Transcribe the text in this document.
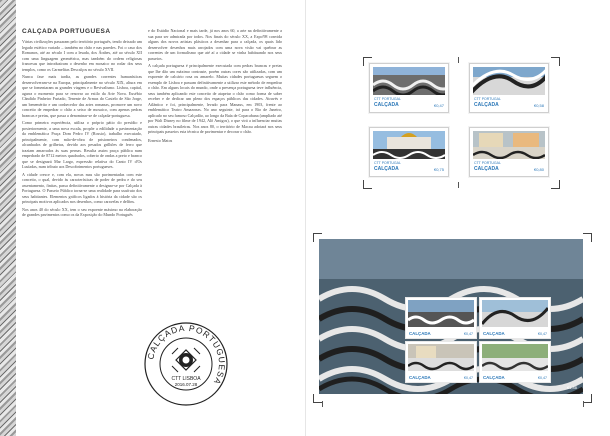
CALÇADA PORTUGUESA

Várias civilizações passaram pelo território português, tendo deixado um legado estético variado – também no chão e nas paredes. Foi o caso dos Romanos, até ao século I com a lesada, dos Árabes, até ao século XII com uma linguagem geométrica, mas também do ordem religiosas francesas que introduziram o desenho em mosaico no rodar dos seus templos, como os Carmelitas Descalços no século XVII.

Nunca fase mais tardia, as grandes correntes humanísticas desenvolveram-se na Europa, principalmente no século XIX, altura em que se fomentaram as grandes viagens e o Revivalismo. Lisboa, capital, agarra o momento para se renovar ao estilo da Arte Nova. Eusébio Cândido Pinheiro Furtado, Tenente de Armas do Castelo de São Jorge, um benemérito e um conhecedor das artes romanas, promove um novo conceito de empedrar o chão a seixo de mosaico, com apenas pedras brancas e pretas, que passa a denominar-se de calçada-portuguesa.

Como primeira experiência, utiliza o próprio pátio do presídio e posteriormente, a uma nova escala, propõe a edilidade a pavimentação da emblemática Praça Dom Pedro IV (Rossio), trabalho executado, principalmente, com mão-de-obra de prisioneiros condenados, alcunhados de grilhetas, devido aos pesados grilhões de ferro que traziam amarrados às suas pernas. Resulta assim praça pública num empedrado de 8712 metros quadrados, coberto de ondas a preto e branco que se designará Mar Largo, expressão relativa do Canto IV d'Os Lusíadas, num tributo aos Descobrimentos portugueses.

A cidade cresce e, com ela, novas mas são pavimentadas com este conceito, o qual, devido às características de poder de pedra e do seu assentamento, finitas, passa definitivamente a designar-se por Calçada à Portuguesa. O Passeio Público torna-se uma realidade para usufruto dos seus habitantes. Elementos gráficos ligados à história da cidade são os principais motivos aplicados nos desenhos, como caravelas e delfins.

Nos anos 40 do século XX, tem o seu expoente máximo na elaboração de grandes pavimentos como os da Exposição do Mundo Português

e do Estádio Nacional e mais tarde, já nos anos 60, a arte na definitivamente a sua para ser admirada por todos. Nos finais do século XX, a Expo'98 convida alguns dos novos artistas plásticos a desenhar para a calçada, os quais lido desenvolver desenhos mais arrojados com uma nova visão vai quebrar as correntes de um formalismo que até aí a cidade se vinha habituando nos seus passeios.

A calçada portuguesa é principalmente executada com pedras brancas e pretas que lhe dão um máximo contraste, porém outras cores são utilizadas, com um expoente de calcário rosa ou amarelo. Muitas cidades portuguesas seguem o exemplo de Lisboa e passam definitivamente a utilizar este método de empedrar o chão. Em alguns locais do mundo, onde a presença portuguesa teve influência, seus também aplicando este conceito de atapetar o chão como forma de saber receber e de dedicar um pleno dos espaços públicos das cidades. Através e Atlântico e foi, principalmente, levado para Manaus, em 1903, frente ao emblemático Teatro Amazonas. No ano seguinte, irá para o Rio de Janeiro, aplicado no seu famoso Calçadão, ao longo da Baía de Copacabana (ampliado até por Walt Disney no filme de 1942, Alô Amigos), o que virá a influenciar muitas outras cidades brasileiras. Nos anos 80, o território de Macau adotará nos seus principais passeios esta técnica de pavimentar e decorar o chão.

Ernesto Matos
CALÇADA PORTUGUESA
CTT LISBOA
2016.07.28
CTT PORTUGAL
CALÇADA	€0,47
CTT PORTUGAL
CALÇADA	€0,58
CTT PORTUGAL
CALÇADA	€0,75
CTT PORTUGAL
CALÇADA	€0,80
CALÇADA	€0,47 CALÇADA	€0,47
CALÇADA	€0,47 CALÇADA	€0,47
€1,88
